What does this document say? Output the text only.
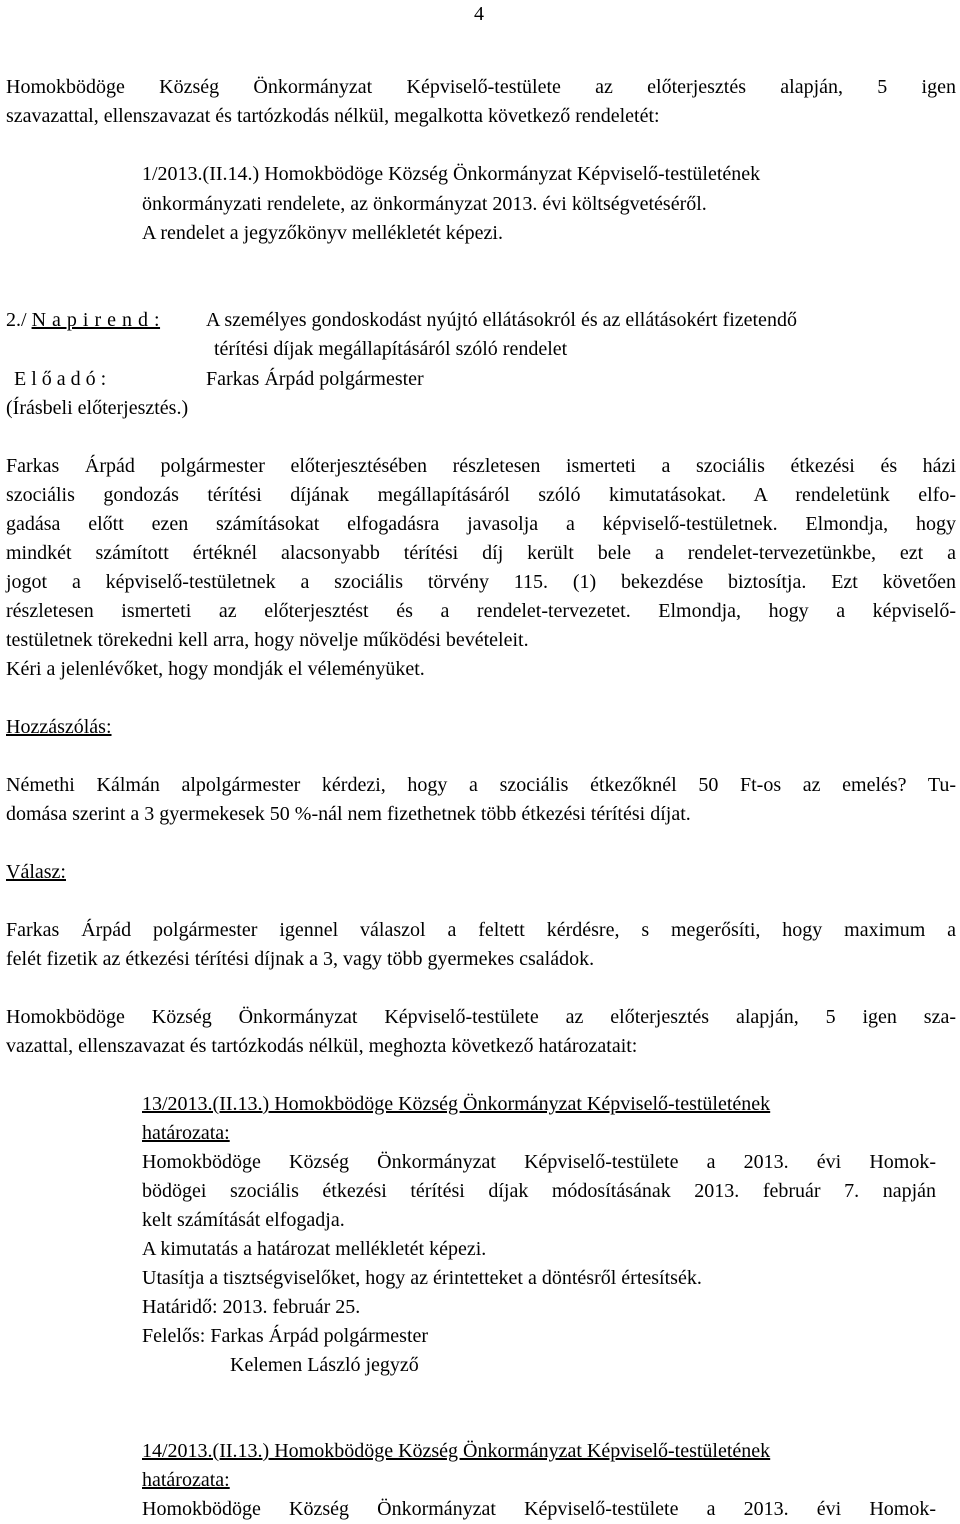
4
Homokbödöge Község Önkormányzat Képviselő-testülete az előterjesztés alapján, 5 igen
szavazattal, ellenszavazat és tartózkodás nélkül, megalkotta következő rendeletét:
1/2013.(II.14.) Homokbödöge Község Önkormányzat Képviselő-testületének
önkormányzati rendelete, az önkormányzat 2013. évi költségvetéséről.
A rendelet a jegyzőkönyv mellékletét képezi.
2./ N a p i r e n d : A személyes gondoskodást nyújtó ellátásokról és az ellátásokért fizetendő
térítési díjak megállapításáról szóló rendelet
E l ő a d ó :	Farkas Árpád polgármester
(Írásbeli előterjesztés.)
Farkas Árpád polgármester előterjesztésében részletesen ismerteti a szociális étkezési és házi
szociális gondozás térítési díjának megállapításáról szóló kimutatásokat. A rendeletünk elfo-
gadása előtt ezen számításokat elfogadásra javasolja a képviselő-testületnek. Elmondja, hogy
mindkét számított értéknél alacsonyabb térítési díj került bele a rendelet-tervezetünkbe, ezt a
jogot a képviselő-testületnek a szociális törvény 115. (1) bekezdése biztosítja. Ezt követően
részletesen ismerteti az előterjesztést és a rendelet-tervezetet. Elmondja, hogy a képviselő-
testületnek törekedni kell arra, hogy növelje működési bevételeit.
Kéri a jelenlévőket, hogy mondják el véleményüket.
Hozzászólás:
Némethi Kálmán alpolgármester kérdezi, hogy a szociális étkezőknél 50 Ft-os az emelés? Tu-
domása szerint a 3 gyermekesek 50 %-nál nem fizethetnek több étkezési térítési díjat.
Válasz:
Farkas Árpád polgármester igennel válaszol a feltett kérdésre, s megerősíti, hogy maximum a
felét fizetik az étkezési térítési díjnak a 3, vagy több gyermekes családok.
Homokbödöge Község Önkormányzat Képviselő-testülete az előterjesztés alapján, 5 igen sza-
vazattal, ellenszavazat és tartózkodás nélkül, meghozta következő határozatait:
13/2013.(II.13.) Homokbödöge Község Önkormányzat Képviselő-testületének
határozata:
Homokbödöge Község Önkormányzat Képviselő-testülete a 2013. évi Homok-
bödögei szociális étkezési térítési díjak módosításának 2013. február 7. napján
kelt számítását elfogadja.
A kimutatás a határozat mellékletét képezi.
Utasítja a tisztségviselőket, hogy az érintetteket a döntésről értesítsék.
Határidő: 2013. február 25.
Felelős: Farkas Árpád polgármester
Kelemen László jegyző
14/2013.(II.13.) Homokbödöge Község Önkormányzat Képviselő-testületének
határozata:
Homokbödöge Község Önkormányzat Képviselő-testülete a 2013. évi Homok-
